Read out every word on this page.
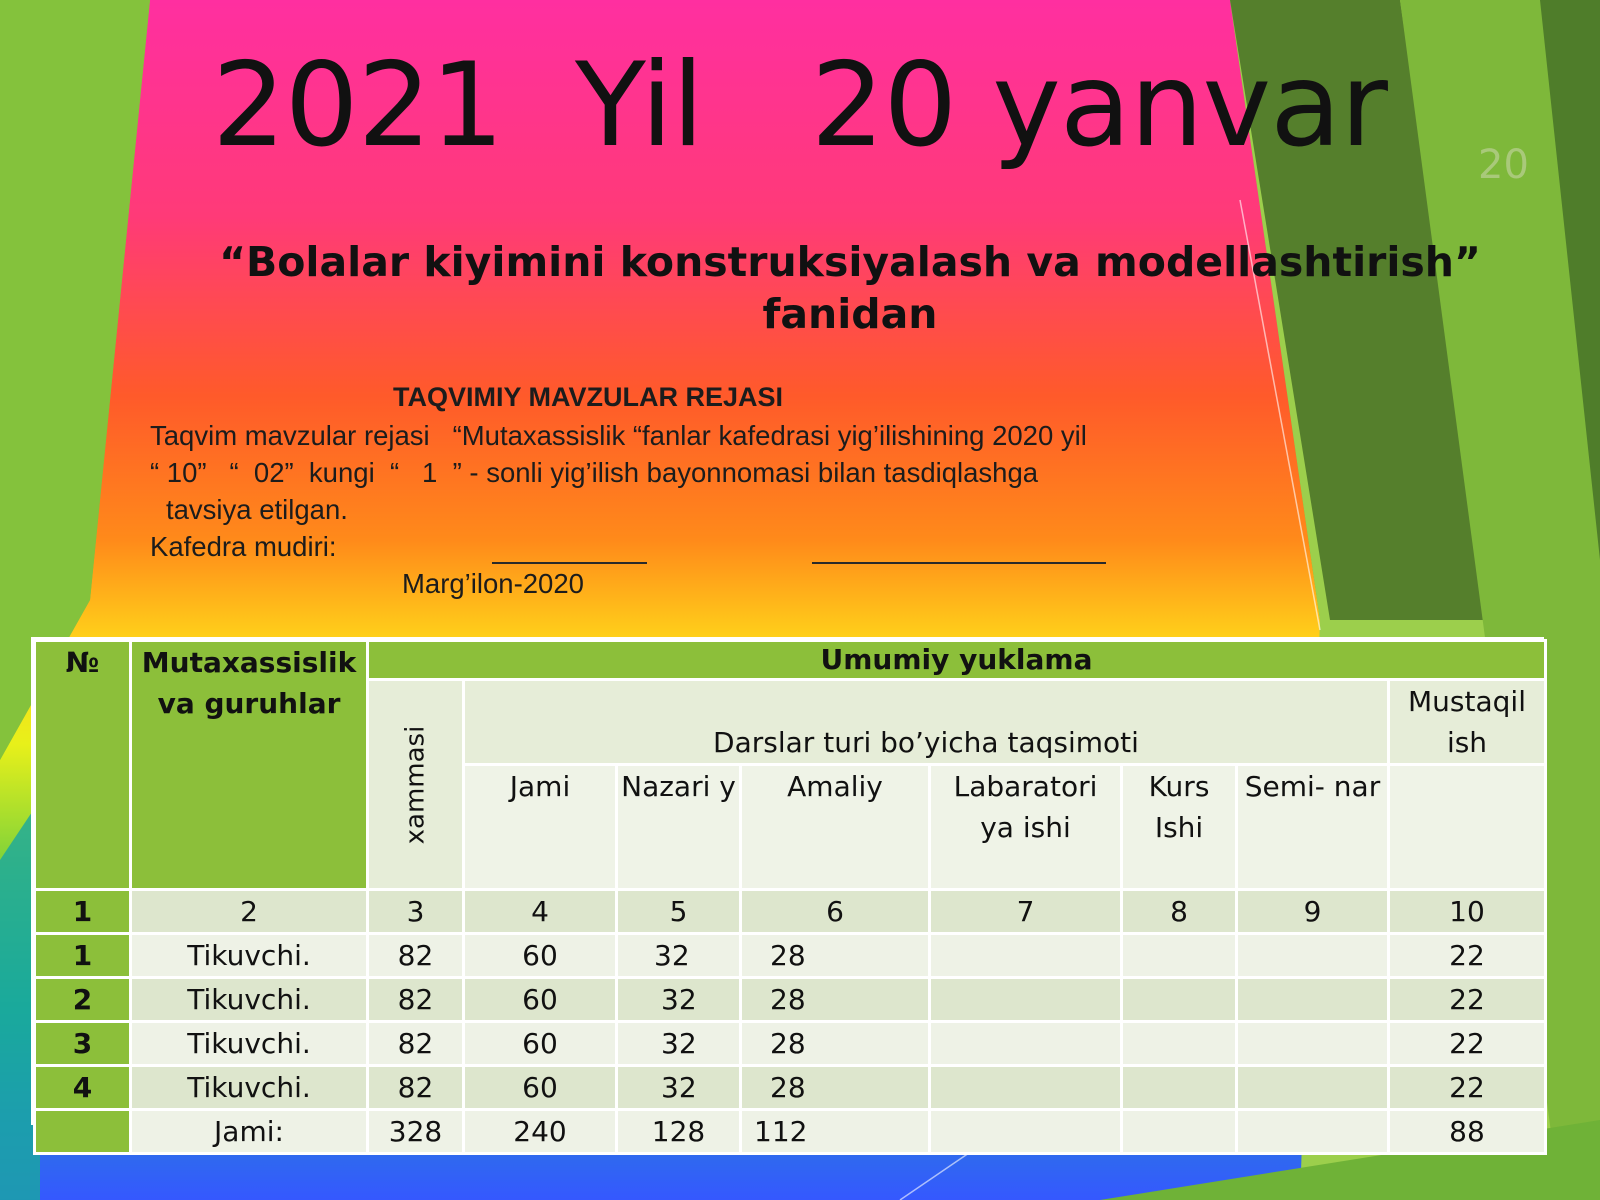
20
2021  Yil   20 yanvar
“Bolalar kiyimini konstruksiyalash va modellashtirish”
fanidan
TAQVIMIY MAVZULAR REJASI
Taqvim mavzular rejasi   “Mutaxassislik “fanlar kafedrasi yig’ilishining 2020 yil
“ 10”   “  02”  kungi  “   1  ” - sonli yig’ilish bayonnomasi bilan tasdiqlashga
tavsiya etilgan.
Kafedra mudiri:
Marg’ilon-2020
№	Mutaxassislik va guruhlar	Umumiy yuklama							

		xammasi	Darslar turi bo’yicha taqsimoti						Mustaqil ish
			Jami	Nazari y	Amaliy	Labaratori ya ishi	Kurs Ishi	Semi- nar	
1	2	3	4	5	6	7	8	9	10
1	Tikuvchi.	82	60	32	28				22
2	Tikuvchi.	82	60	32	28				22
3	Tikuvchi.	82	60	32	28				22
4	Tikuvchi.	82	60	32	28				22
	Jami:	328	240	128	112				88
